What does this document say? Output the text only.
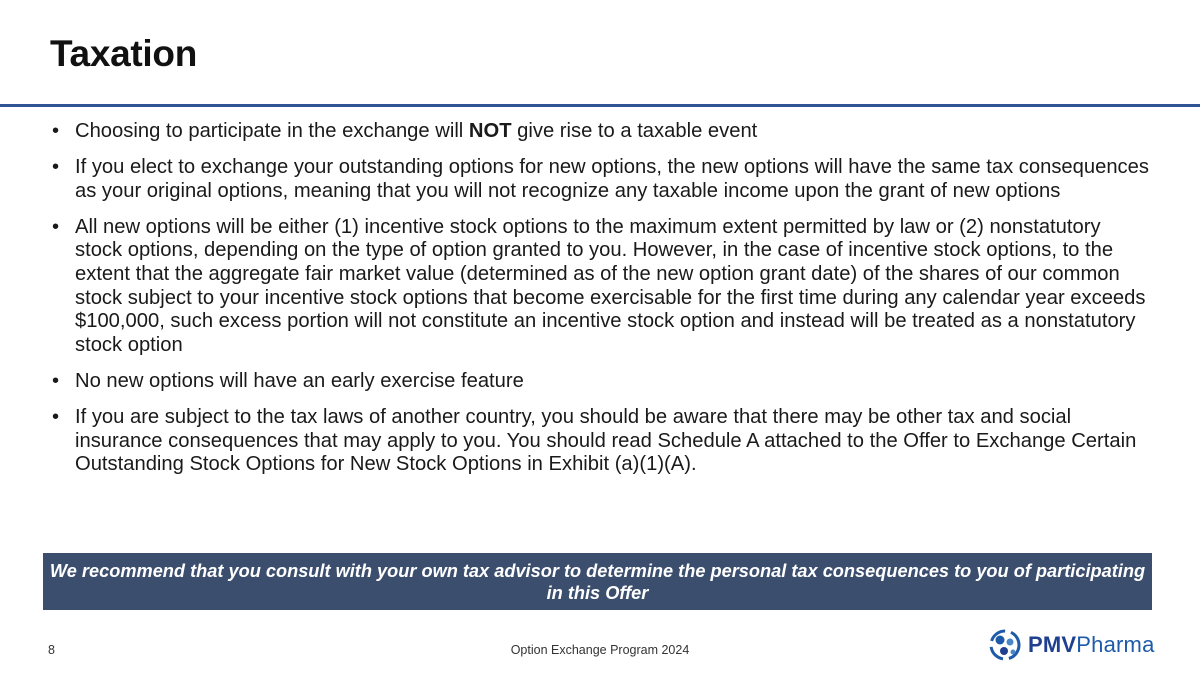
Taxation
• Choosing to participate in the exchange will NOT give rise to a taxable event
• If you elect to exchange your outstanding options for new options, the new options will have the same tax consequences as your original options, meaning that you will not recognize any taxable income upon the grant of new options
• All new options will be either (1) incentive stock options to the maximum extent permitted by law or (2) nonstatutory stock options, depending on the type of option granted to you. However, in the case of incentive stock options, to the extent that the aggregate fair market value (determined as of the new option grant date) of the shares of our common stock subject to your incentive stock options that become exercisable for the first time during any calendar year exceeds $100,000, such excess portion will not constitute an incentive stock option and instead will be treated as a nonstatutory stock option
• No new options will have an early exercise feature
• If you are subject to the tax laws of another country, you should be aware that there may be other tax and social insurance consequences that may apply to you. You should read Schedule A attached to the Offer to Exchange Certain Outstanding Stock Options for New Stock Options in Exhibit (a)(1)(A).
We recommend that you consult with your own tax advisor to determine the personal tax consequences to you of participating in this Offer
8	Option Exchange Program 2024	PMVPharma
